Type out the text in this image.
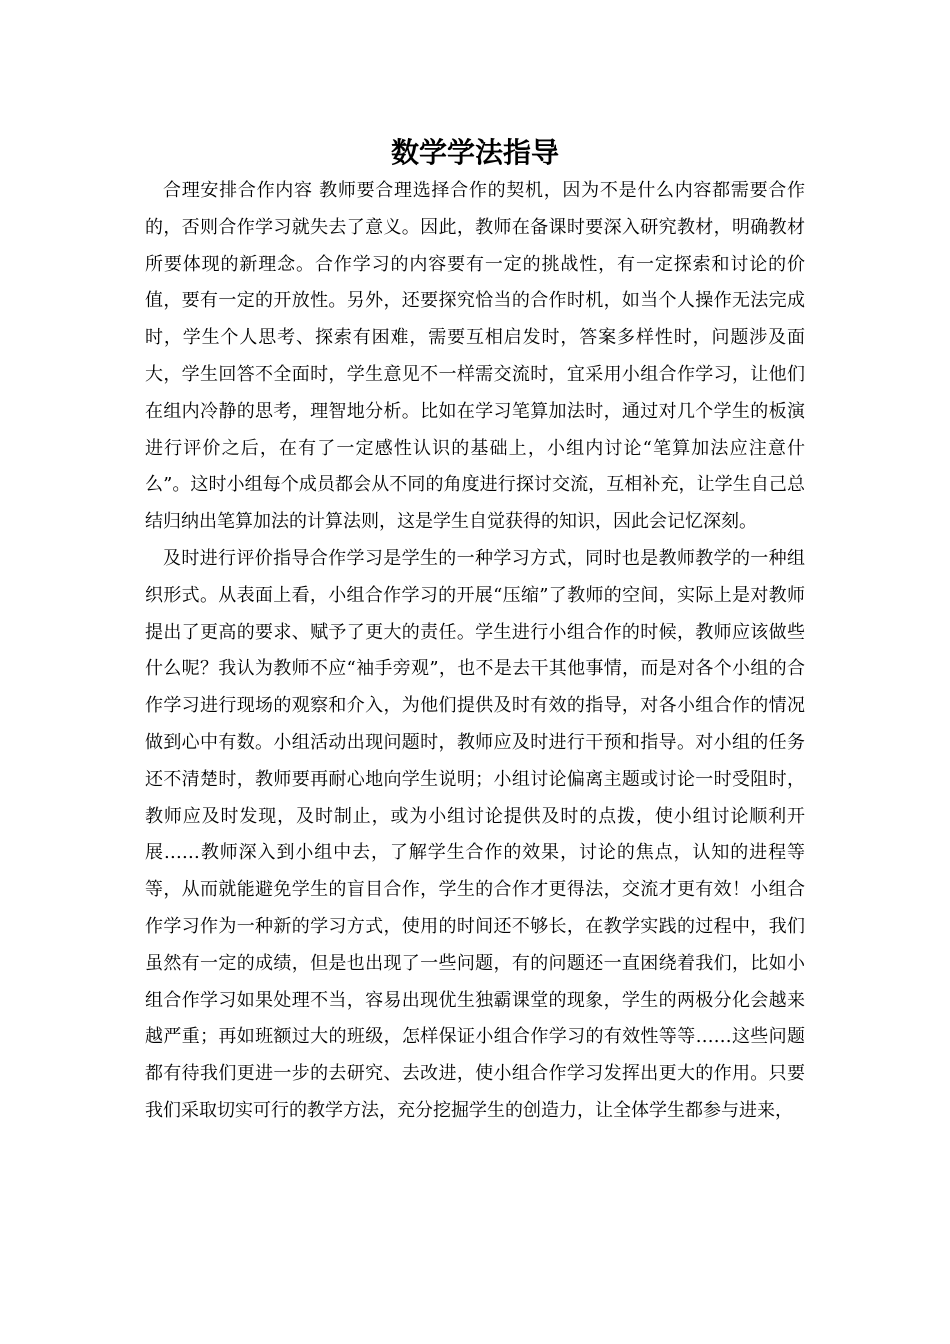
数学学法指导

合理安排合作内容 教师要合理选择合作的契机，因为不是什么内容都需要合作的，否则合作学习就失去了意义。因此，教师在备课时要深入研究教材，明确教材所要体现的新理念。合作学习的内容要有一定的挑战性，有一定探索和讨论的价值，要有一定的开放性。另外，还要探究恰当的合作时机，如当个人操作无法完成时，学生个人思考、探索有困难，需要互相启发时，答案多样性时，问题涉及面大，学生回答不全面时，学生意见不一样需交流时，宜采用小组合作学习，让他们在组内冷静的思考，理智地分析。比如在学习笔算加法时，通过对几个学生的板演进行评价之后，在有了一定感性认识的基础上，小组内讨论“笔算加法应注意什么”。这时小组每个成员都会从不同的角度进行探讨交流，互相补充，让学生自己总结归纳出笔算加法的计算法则，这是学生自觉获得的知识，因此会记忆深刻。

及时进行评价指导合作学习是学生的一种学习方式，同时也是教师教学的一种组织形式。从表面上看，小组合作学习的开展“压缩”了教师的空间，实际上是对教师提出了更高的要求、赋予了更大的责任。学生进行小组合作的时候，教师应该做些什么呢？我认为教师不应“袖手旁观”，也不是去干其他事情，而是对各个小组的合作学习进行现场的观察和介入，为他们提供及时有效的指导，对各小组合作的情况做到心中有数。小组活动出现问题时，教师应及时进行干预和指导。对小组的任务还不清楚时，教师要再耐心地向学生说明；小组讨论偏离主题或讨论一时受阻时，教师应及时发现，及时制止，或为小组讨论提供及时的点拨，使小组讨论顺利开展……教师深入到小组中去，了解学生合作的效果，讨论的焦点，认知的进程等等，从而就能避免学生的盲目合作，学生的合作才更得法，交流才更有效！小组合作学习作为一种新的学习方式，使用的时间还不够长，在教学实践的过程中，我们虽然有一定的成绩，但是也出现了一些问题，有的问题还一直困绕着我们，比如小组合作学习如果处理不当，容易出现优生独霸课堂的现象，学生的两极分化会越来越严重；再如班额过大的班级，怎样保证小组合作学习的有效性等等……这些问题都有待我们更进一步的去研究、去改进，使小组合作学习发挥出更大的作用。只要我们采取切实可行的教学方法，充分挖掘学生的创造力，让全体学生都参与进来，
